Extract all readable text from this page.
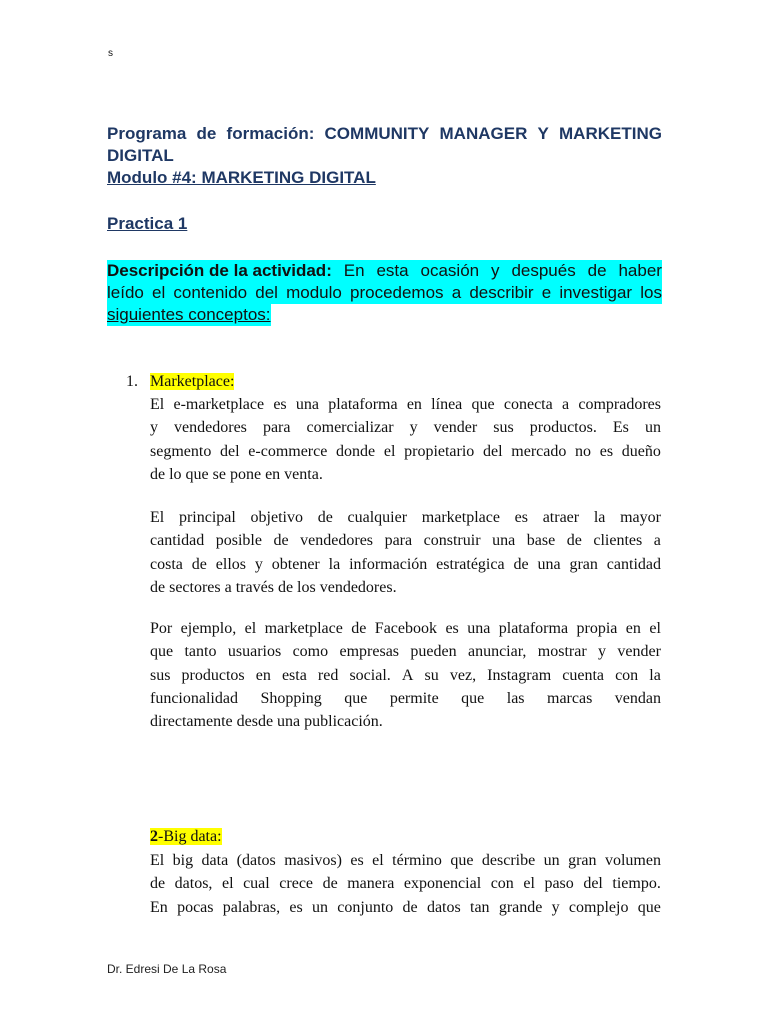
s
Programa de formación: COMMUNITY MANAGER Y MARKETING
DIGITAL
Modulo #4: MARKETING DIGITAL
Practica 1
Descripción de la actividad: En esta ocasión y después de haber
leído el contenido del modulo procedemos a describir e investigar los
siguientes conceptos:
1. Marketplace:
El e-marketplace es una plataforma en línea que conecta a compradores
y vendedores para comercializar y vender sus productos. Es un
segmento del e-commerce donde el propietario del mercado no es dueño
de lo que se pone en venta.
El principal objetivo de cualquier marketplace es atraer la mayor
cantidad posible de vendedores para construir una base de clientes a
costa de ellos y obtener la información estratégica de una gran cantidad
de sectores a través de los vendedores.
Por ejemplo, el marketplace de Facebook es una plataforma propia en el
que tanto usuarios como empresas pueden anunciar, mostrar y vender
sus productos en esta red social. A su vez, Instagram cuenta con la
funcionalidad Shopping que permite que las marcas vendan
directamente desde una publicación.
2-Big data:
El big data (datos masivos) es el término que describe un gran volumen
de datos, el cual crece de manera exponencial con el paso del tiempo.
En pocas palabras, es un conjunto de datos tan grande y complejo que
Dr. Edresi De La Rosa
